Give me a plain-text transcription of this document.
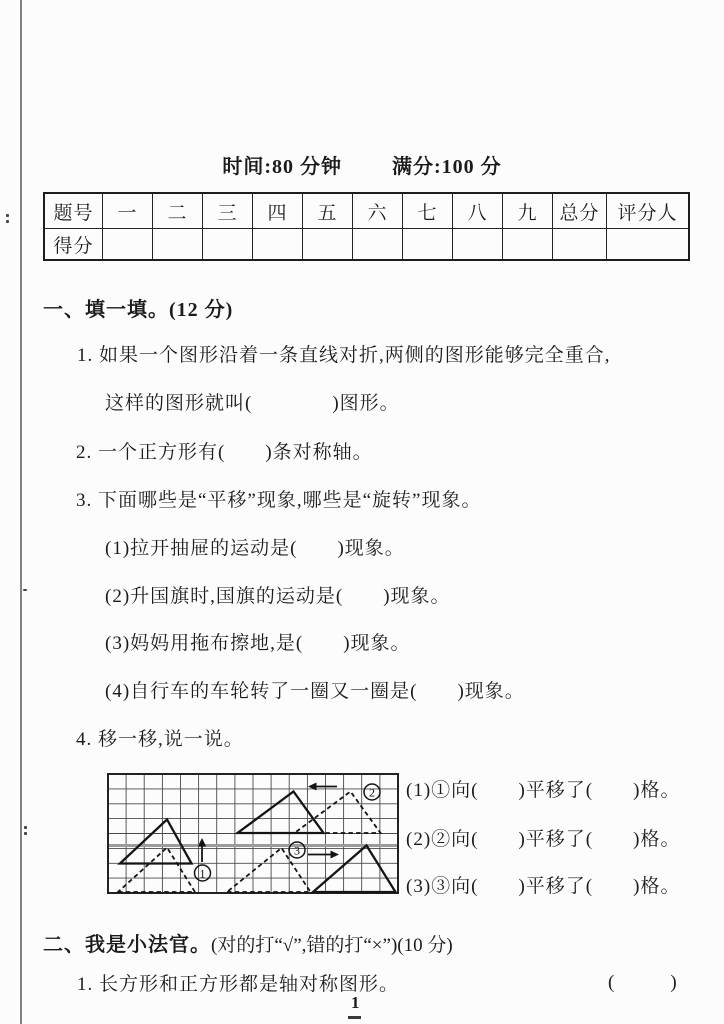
时间:80 分钟	满分:100 分
题号	一	二	三	四	五	六	七	八	九	总分	评分人
得分											
一、填一填。(12 分)
1. 如果一个图形沿着一条直线对折,两侧的图形能够完全重合,
这样的图形就叫(　　　　)图形。
2. 一个正方形有(　　)条对称轴。
3. 下面哪些是“平移”现象,哪些是“旋转”现象。
(1)拉开抽屉的运动是(　　)现象。
(2)升国旗时,国旗的运动是(　　)现象。
(3)妈妈用拖布擦地,是(　　)现象。
(4)自行车的车轮转了一圈又一圈是(　　)现象。
4. 移一移,说一说。
1
2
3
(1)①向(　　)平移了(　　)格。
(2)②向(　　)平移了(　　)格。
(3)③向(　　)平移了(　　)格。
二、我是小法官。(对的打“√”,错的打“×”)(10 分)
1. 长方形和正方形都是轴对称图形。	(　　)
1
